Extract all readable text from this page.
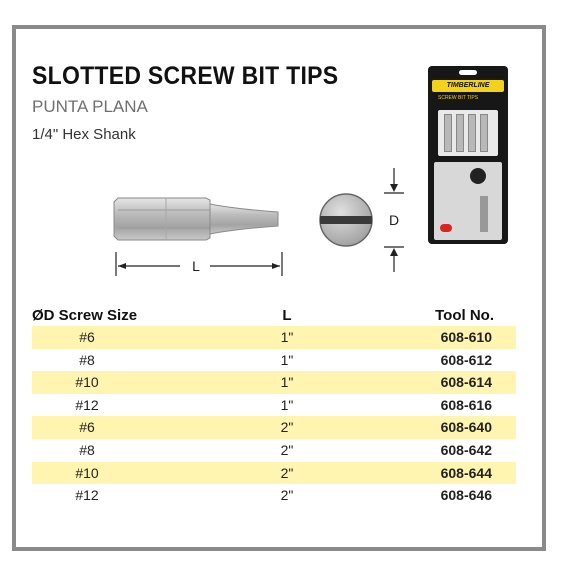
SLOTTED SCREW BIT TIPS
PUNTA PLANA
1/4" Hex Shank
TIMBERLINE
SCREW BIT TIPS
L
D
ØD Screw Size	L	Tool No.
#6	1"	608-610
#8	1"	608-612
#10	1"	608-614
#12	1"	608-616
#6	2"	608-640
#8	2"	608-642
#10	2"	608-644
#12	2"	608-646
